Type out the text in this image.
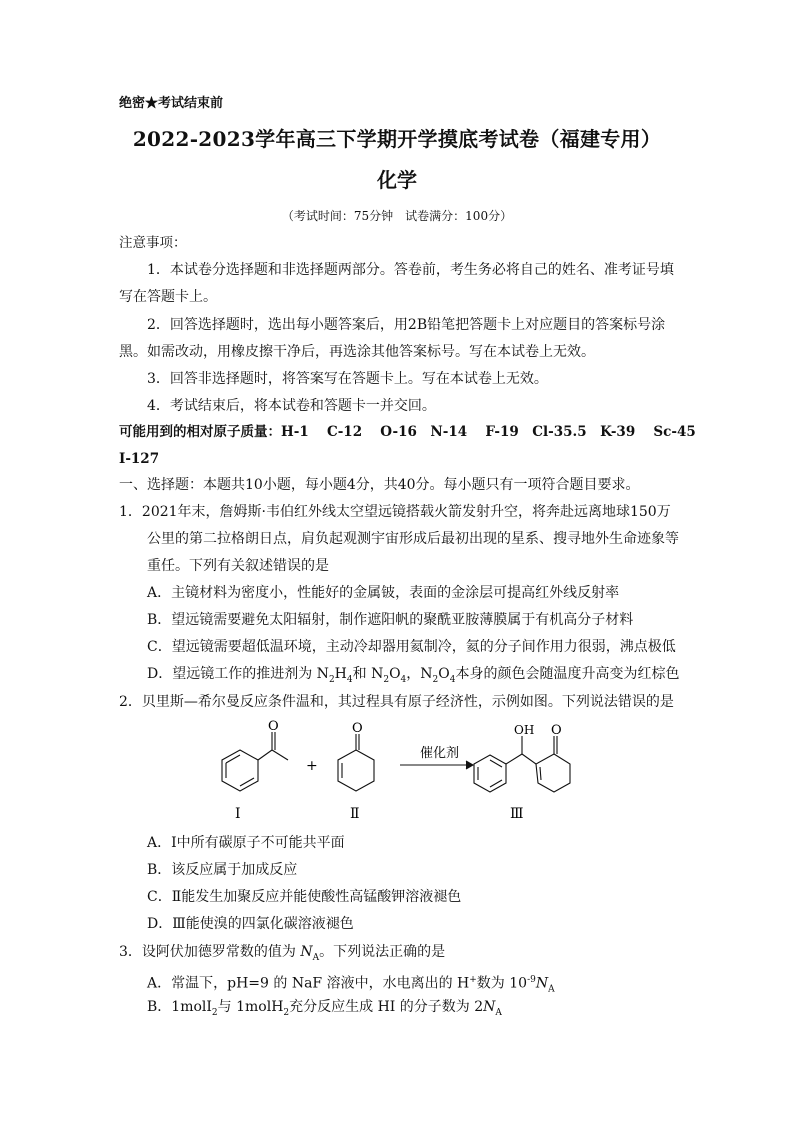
绝密★考试结束前
2022-2023学年高三下学期开学摸底考试卷（福建专用）
化学
（考试时间：75分钟　试卷满分：100分）
注意事项：
1．本试卷分选择题和非选择题两部分。答卷前，考生务必将自己的姓名、准考证号填
写在答题卡上。
2．回答选择题时，选出每小题答案后，用2B铅笔把答题卡上对应题目的答案标号涂
黑。如需改动，用橡皮擦干净后，再选涂其他答案标号。写在本试卷上无效。
3．回答非选择题时，将答案写在答题卡上。写在本试卷上无效。
4．考试结束后，将本试卷和答题卡一并交回。
可能用到的相对原子质量：H-1　 C-12　 O-16　N-14　 F-19　Cl-35.5　K-39　 Sc-45
I-127
一、选择题：本题共10小题，每小题4分，共40分。每小题只有一项符合题目要求。
1．2021年末，詹姆斯·韦伯红外线太空望远镜搭载火箭发射升空，将奔赴远离地球150万
公里的第二拉格朗日点，肩负起观测宇宙形成后最初出现的星系、搜寻地外生命迹象等
重任。下列有关叙述错误的是
A．主镜材料为密度小，性能好的金属铍，表面的金涂层可提高红外线反射率
B．望远镜需要避免太阳辐射，制作遮阳帆的聚酰亚胺薄膜属于有机高分子材料
C．望远镜需要超低温环境，主动冷却器用氦制冷，氦的分子间作用力很弱，沸点极低
D．望远镜工作的推进剂为 $N_2H_4$和 $N_2O_4$，$N_2O_4$本身的颜色会随温度升高变为红棕色
2．贝里斯—希尔曼反应条件温和，其过程具有原子经济性，示例如图。下列说法错误的是
O	O	O
OH
+
催化剂
Ⅰ	Ⅱ	Ⅲ
A．Ⅰ中所有碳原子不可能共平面
B．该反应属于加成反应
C．Ⅱ能发生加聚反应并能使酸性高锰酸钾溶液褪色
D．Ⅲ能使溴的四氯化碳溶液褪色
3．设阿伏加德罗常数的值为 $N_A$。下列说法正确的是
A．常温下，pH=9 的 NaF 溶液中，水电离出的 H+数为 $10^{-9}N_A$
B．1molI$_2$与 1molH$_2$充分反应生成 HI 的分子数为 $2N_A$
